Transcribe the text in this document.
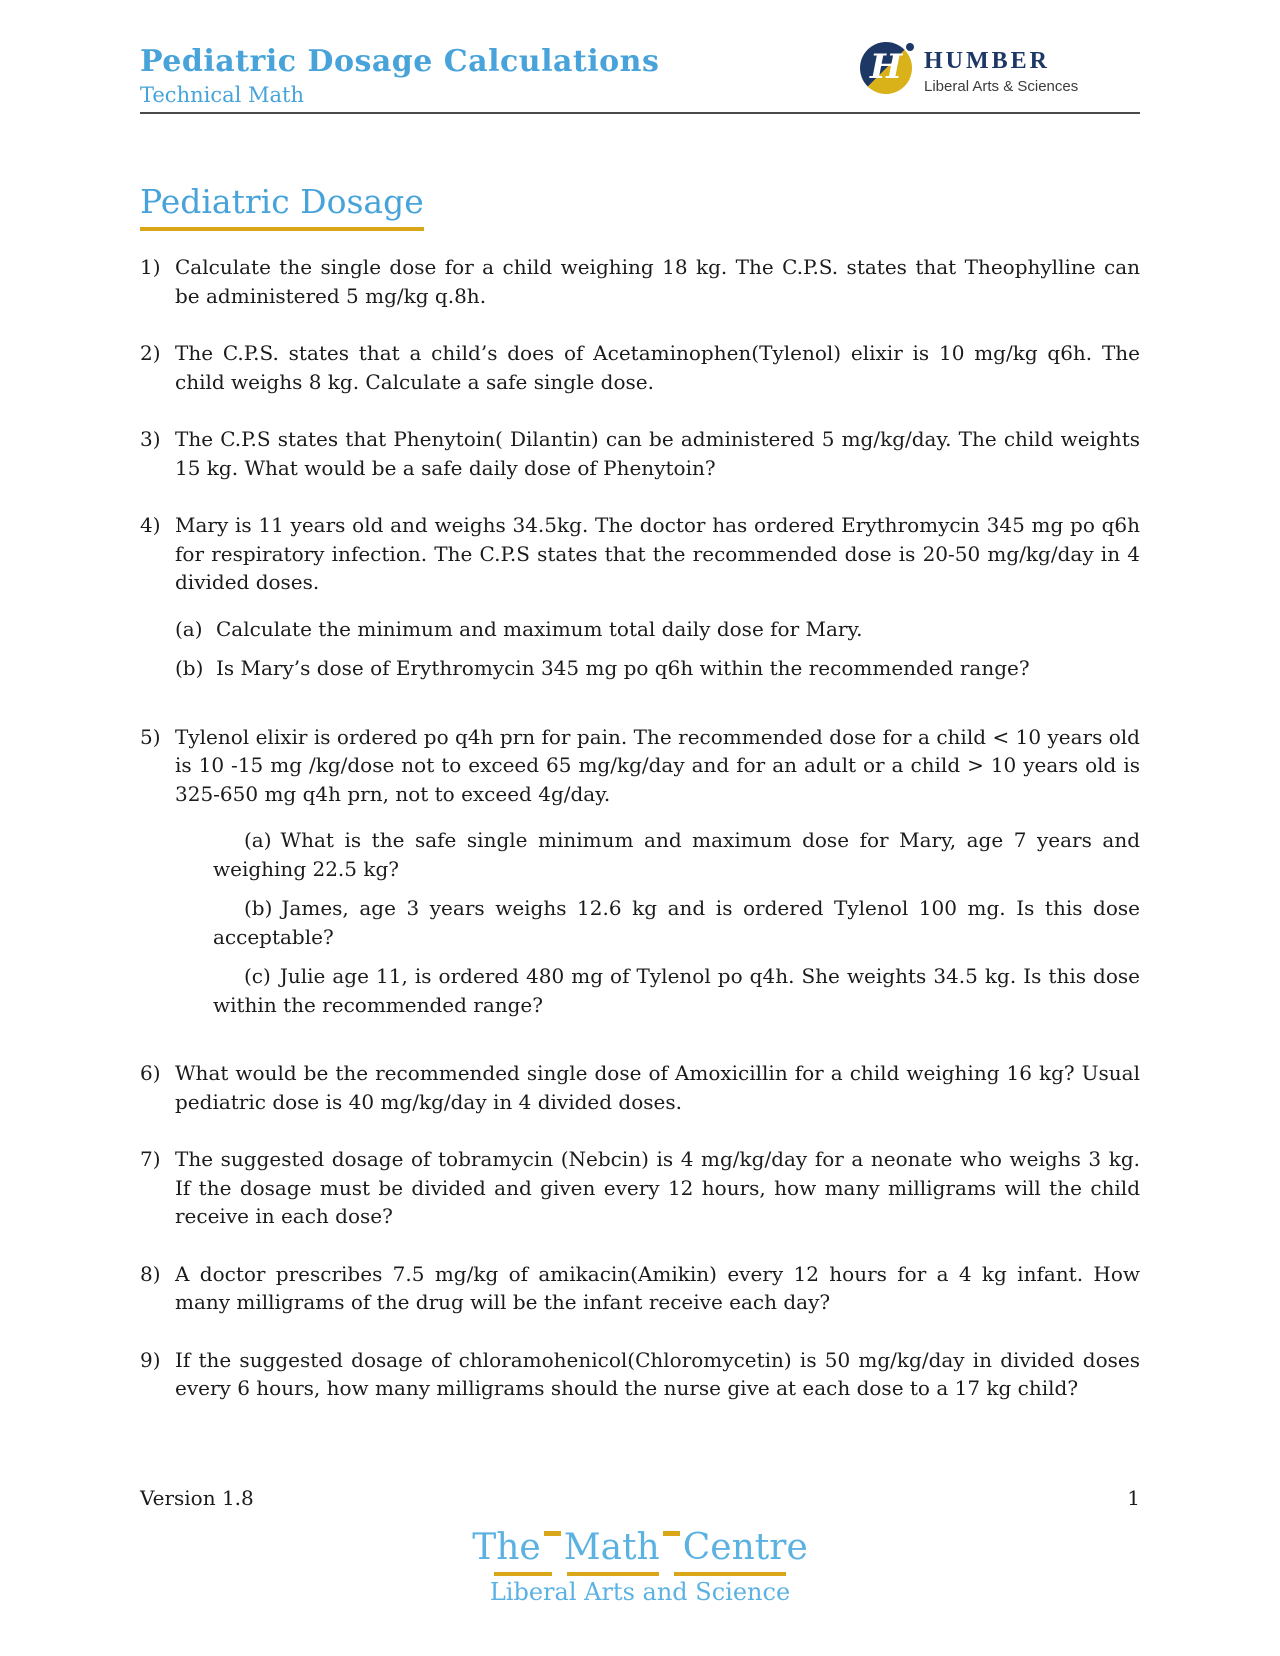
Pediatric Dosage Calculations
Technical Math
H HUMBER
Liberal Arts & Sciences
Pediatric Dosage
1) Calculate the single dose for a child weighing 18 kg. The C.P.S. states that Theophylline can be administered 5 mg/kg q.8h.

2) The C.P.S. states that a child’s does of Acetaminophen(Tylenol) elixir is 10 mg/kg q6h. The child weighs 8 kg. Calculate a safe single dose.

3) The C.P.S states that Phenytoin( Dilantin) can be administered 5 mg/kg/day. The child weights 15 kg. What would be a safe daily dose of Phenytoin?

4) Mary is 11 years old and weighs 34.5kg. The doctor has ordered Erythromycin 345 mg po q6h for respiratory infection. The C.P.S states that the recommended dose is 20-50 mg/kg/day in 4 divided doses.

(a) Calculate the minimum and maximum total daily dose for Mary.
(b) Is Mary’s dose of Erythromycin 345 mg po q6h within the recommended range?
5) Tylenol elixir is ordered po q4h prn for pain. The recommended dose for a child < 10 years old is 10 -15 mg /kg/dose not to exceed 65 mg/kg/day and for an adult or a child > 10 years old is 325-650 mg q4h prn, not to exceed 4g/day.

(a) What is the safe single minimum and maximum dose for Mary, age 7 years and weighing 22.5 kg?

(b) James, age 3 years weighs 12.6 kg and is ordered Tylenol 100 mg. Is this dose acceptable?

(c) Julie age 11, is ordered 480 mg of Tylenol po q4h. She weights 34.5 kg. Is this dose within the recommended range?

6) What would be the recommended single dose of Amoxicillin for a child weighing 16 kg? Usual pediatric dose is 40 mg/kg/day in 4 divided doses.

7) The suggested dosage of tobramycin (Nebcin) is 4 mg/kg/day for a neonate who weighs 3 kg. If the dosage must be divided and given every 12 hours, how many milligrams will the child receive in each dose?

8) A doctor prescribes 7.5 mg/kg of amikacin(Amikin) every 12 hours for a 4 kg infant. How many milligrams of the drug will be the infant receive each day?

9) If the suggested dosage of chloramohenicol(Chloromycetin) is 50 mg/kg/day in divided doses every 6 hours, how many milligrams should the nurse give at each dose to a 17 kg child?

Version 1.8	1
The Math Centre
Liberal Arts and Science
